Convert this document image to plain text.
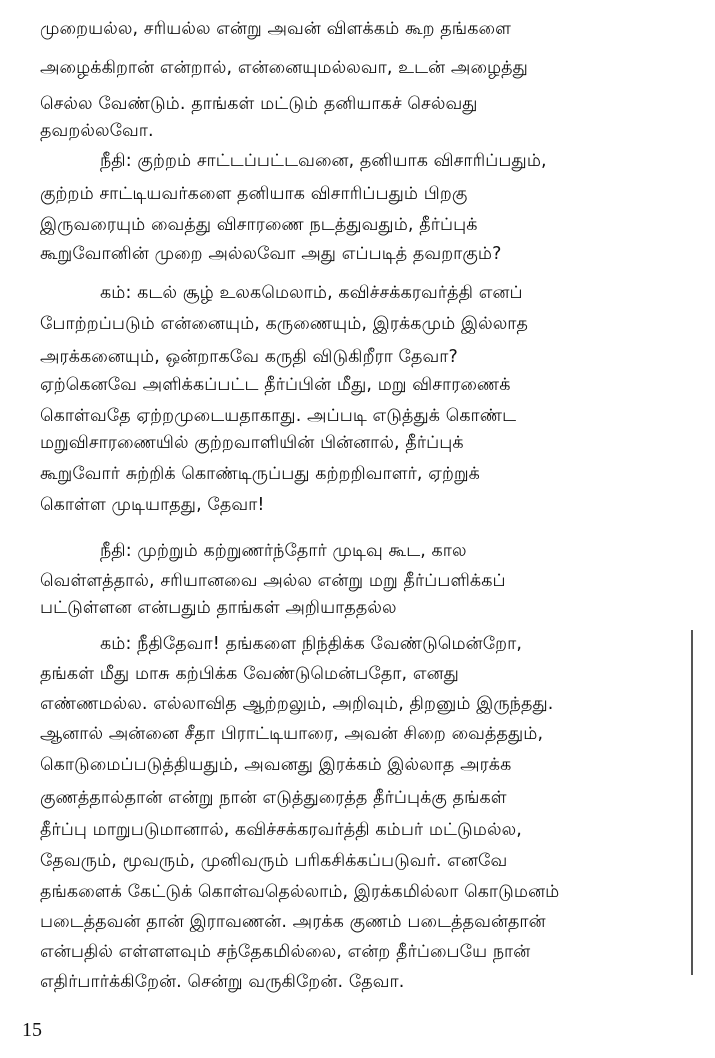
முறையல்ல, சரியல்ல என்று அவன் விளக்கம் கூற தங்களை
அழைக்கிறான் என்றால், என்னையுமல்லவா, உடன் அழைத்து
செல்ல வேண்டும். தாங்கள் மட்டும் தனியாகச் செல்வது
தவறல்லவோ.
நீதி: குற்றம் சாட்டப்பட்டவனை, தனியாக விசாரிப்பதும்,
குற்றம் சாட்டியவர்களை தனியாக விசாரிப்பதும் பிறகு
இருவரையும் வைத்து விசாரணை நடத்துவதும், தீர்ப்புக்
கூறுவோனின் முறை அல்லவோ அது எப்படித் தவறாகும்?
கம்: கடல் சூழ் உலகமெலாம், கவிச்சக்கரவர்த்தி எனப்
போற்றப்படும் என்னையும், கருணையும், இரக்கமும் இல்லாத
அரக்கனையும், ஒன்றாகவே கருதி விடுகிறீரா தேவா?
ஏற்கெனவே அளிக்கப்பட்ட தீர்ப்பின் மீது, மறு விசாரணைக்
கொள்வதே ஏற்றமுடையதாகாது. அப்படி எடுத்துக் கொண்ட
மறுவிசாரணையில் குற்றவாளியின் பின்னால், தீர்ப்புக்
கூறுவோர் சுற்றிக் கொண்டிருப்பது கற்றறிவாளர், ஏற்றுக்
கொள்ள முடியாதது, தேவா!
நீதி: முற்றும் கற்றுணர்ந்தோர் முடிவு கூட, கால
வெள்ளத்தால், சரியானவை அல்ல என்று மறு தீர்ப்பளிக்கப்
பட்டுள்ளன என்பதும் தாங்கள் அறியாததல்ல
கம்: நீதிதேவா! தங்களை நிந்திக்க வேண்டுமென்றோ,
தங்கள் மீது மாசு கற்பிக்க வேண்டுமென்பதோ, எனது
எண்ணமல்ல. எல்லாவித ஆற்றலும், அறிவும், திறனும் இருந்தது.
ஆனால் அன்னை சீதா பிராட்டியாரை, அவன் சிறை வைத்ததும்,
கொடுமைப்படுத்தியதும், அவனது இரக்கம் இல்லாத அரக்க
குணத்தால்தான் என்று நான் எடுத்துரைத்த தீர்ப்புக்கு தங்கள்
தீர்ப்பு மாறுபடுமானால், கவிச்சக்கரவர்த்தி கம்பர் மட்டுமல்ல,
தேவரும், மூவரும், முனிவரும் பரிகசிக்கப்படுவர். எனவே
தங்களைக் கேட்டுக் கொள்வதெல்லாம், இரக்கமில்லா கொடுமனம்
படைத்தவன் தான் இராவணன். அரக்க குணம் படைத்தவன்தான்
என்பதில் எள்ளளவும் சந்தேகமில்லை, என்ற தீர்ப்பையே நான்
எதிர்பார்க்கிறேன். சென்று வருகிறேன். தேவா.
15
